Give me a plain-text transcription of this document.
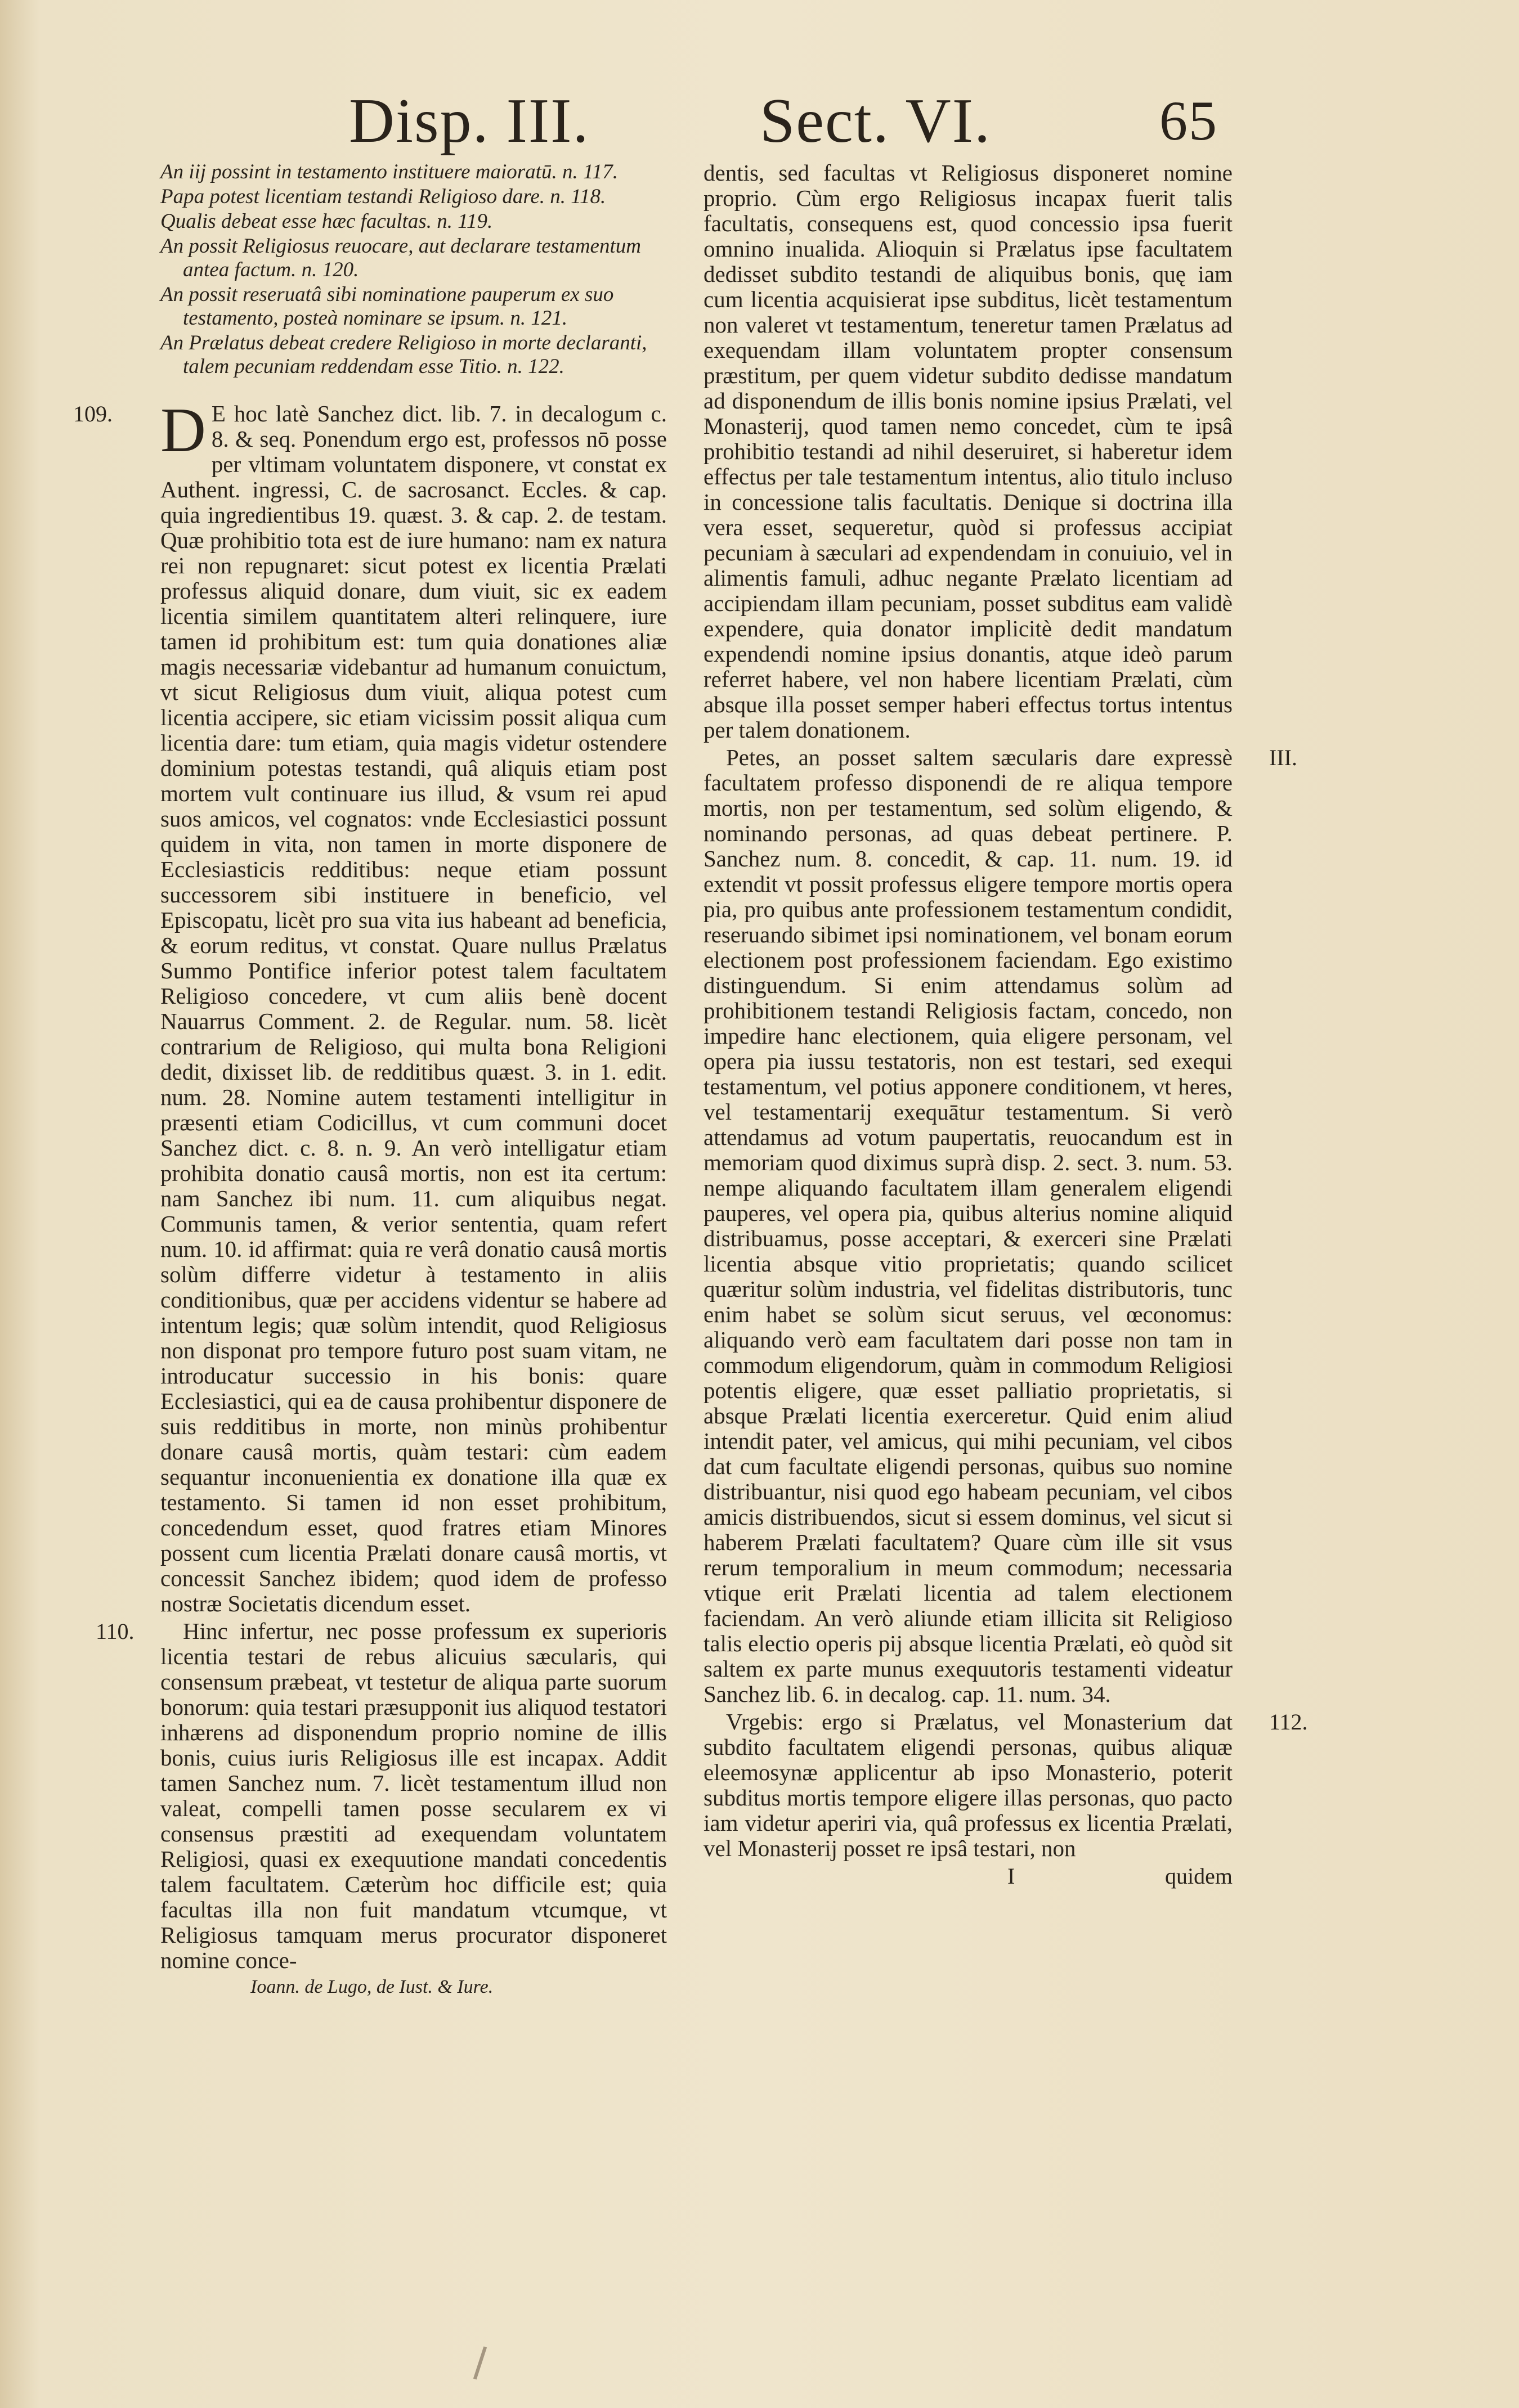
Disp. III.	Sect. VI.	65
An iij possint in testamento instituere maioratū. n. 117.
Papa potest licentiam testandi Religioso dare. n. 118.
Qualis debeat esse hæc facultas. n. 119.
An possit Religiosus reuocare, aut declarare testamentum antea factum. n. 120.
An possit reseruatâ sibi nominatione pauperum ex suo testamento, posteà nominare se ipsum. n. 121.
An Prælatus debeat credere Religioso in morte declaranti, talem pecuniam reddendam esse Titio. n. 122.
109. DE hoc latè Sanchez dict. lib. 7. in decalogum c. 8. & seq. Ponendum ergo est, professos nō posse per vltimam voluntatem disponere, vt constat ex Authent. ingressi, C. de sacrosanct. Eccles. & cap. quia ingredientibus 19. quæst. 3. & cap. 2. de testam. Quæ prohibitio tota est de iure humano: nam ex natura rei non repugnaret: sicut potest ex licentia Prælati professus aliquid donare, dum viuit, sic ex eadem licentia similem quantitatem alteri relinquere, iure tamen id prohibitum est: tum quia donationes aliæ magis necessariæ videbantur ad humanum conuictum, vt sicut Religiosus dum viuit, aliqua potest cum licentia accipere, sic etiam vicissim possit aliqua cum licentia dare: tum etiam, quia magis videtur ostendere dominium potestas testandi, quâ aliquis etiam post mortem vult continuare ius illud, & vsum rei apud suos amicos, vel cognatos: vnde Ecclesiastici possunt quidem in vita, non tamen in morte disponere de Ecclesiasticis redditibus: neque etiam possunt successorem sibi instituere in beneficio, vel Episcopatu, licèt pro sua vita ius habeant ad beneficia, & eorum reditus, vt constat. Quare nullus Prælatus Summo Pontifice inferior potest talem facultatem Religioso concedere, vt cum aliis benè docent Nauarrus Comment. 2. de Regular. num. 58. licèt contrarium de Religioso, qui multa bona Religioni dedit, dixisset lib. de redditibus quæst. 3. in 1. edit. num. 28. Nomine autem testamenti intelligitur in præsenti etiam Codicillus, vt cum communi docet Sanchez dict. c. 8. n. 9. An verò intelligatur etiam prohibita donatio causâ mortis, non est ita certum: nam Sanchez ibi num. 11. cum aliquibus negat. Communis tamen, & verior sententia, quam refert num. 10. id affirmat: quia re verâ donatio causâ mortis solùm differre videtur à testamento in aliis conditionibus, quæ per accidens videntur se habere ad intentum legis; quæ solùm intendit, quod Religiosus non disponat pro tempore futuro post suam vitam, ne introducatur successio in his bonis: quare Ecclesiastici, qui ea de causa prohibentur disponere de suis redditibus in morte, non minùs prohibentur donare causâ mortis, quàm testari: cùm eadem sequantur inconuenientia ex donatione illa quæ ex testamento. Si tamen id non esset prohibitum, concedendum esset, quod fratres etiam Minores possent cum licentia Prælati donare causâ mortis, vt concessit Sanchez ibidem; quod idem de professo nostræ Societatis dicendum esset.
110. Hinc infertur, nec posse professum ex superioris licentia testari de rebus alicuius sæcularis, qui consensum præbeat, vt testetur de aliqua parte suorum bonorum: quia testari præsupponit ius aliquod testatori inhærens ad disponendum proprio nomine de illis bonis, cuius iuris Religiosus ille est incapax. Addit tamen Sanchez num. 7. licèt testamentum illud non valeat, compelli tamen posse secularem ex vi consensus præstiti ad exequendam voluntatem Religiosi, quasi ex exequutione mandati concedentis talem facultatem. Cæterùm hoc difficile est; quia facultas illa non fuit mandatum vtcumque, vt Religiosus tamquam merus procurator disponeret nomine conce-
Ioann. de Lugo, de Iust. & Iure.
dentis, sed facultas vt Religiosus disponeret nomine proprio. Cùm ergo Religiosus incapax fuerit talis facultatis, consequens est, quod concessio ipsa fuerit omnino inualida. Alioquin si Prælatus ipse facultatem dedisset subdito testandi de aliquibus bonis, quę iam cum licentia acquisierat ipse subditus, licèt testamentum non valeret vt testamentum, teneretur tamen Prælatus ad exequendam illam voluntatem propter consensum præstitum, per quem videtur subdito dedisse mandatum ad disponendum de illis bonis nomine ipsius Prælati, vel Monasterij, quod tamen nemo concedet, cùm te ipsâ prohibitio testandi ad nihil deseruiret, si haberetur idem effectus per tale testamentum intentus, alio titulo incluso in concessione talis facultatis. Denique si doctrina illa vera esset, sequeretur, quòd si professus accipiat pecuniam à sæculari ad expendendam in conuiuio, vel in alimentis famuli, adhuc negante Prælato licentiam ad accipiendam illam pecuniam, posset subditus eam validè expendere, quia donator implicitè dedit mandatum expendendi nomine ipsius donantis, atque ideò parum referret habere, vel non habere licentiam Prælati, cùm absque illa posset semper haberi effectus tortus intentus per talem donationem.
III.
Petes, an posset saltem sæcularis dare expressè facultatem professo disponendi de re aliqua tempore mortis, non per testamentum, sed solùm eligendo, & nominando personas, ad quas debeat pertinere. P. Sanchez num. 8. concedit, & cap. 11. num. 19. id extendit vt possit professus eligere tempore mortis opera pia, pro quibus ante professionem testamentum condidit, reseruando sibimet ipsi nominationem, vel bonam eorum electionem post professionem faciendam. Ego existimo distinguendum. Si enim attendamus solùm ad prohibitionem testandi Religiosis factam, concedo, non impedire hanc electionem, quia eligere personam, vel opera pia iussu testatoris, non est testari, sed exequi testamentum, vel potius apponere conditionem, vt heres, vel testamentarij exequātur testamentum. Si verò attendamus ad votum paupertatis, reuocandum est in memoriam quod diximus suprà disp. 2. sect. 3. num. 53. nempe aliquando facultatem illam generalem eligendi pauperes, vel opera pia, quibus alterius nomine aliquid distribuamus, posse acceptari, & exerceri sine Prælati licentia absque vitio proprietatis; quando scilicet quæritur solùm industria, vel fidelitas distributoris, tunc enim habet se solùm sicut seruus, vel œconomus: aliquando verò eam facultatem dari posse non tam in commodum eligendorum, quàm in commodum Religiosi potentis eligere, quæ esset palliatio proprietatis, si absque Prælati licentia exerceretur. Quid enim aliud intendit pater, vel amicus, qui mihi pecuniam, vel cibos dat cum facultate eligendi personas, quibus suo nomine distribuantur, nisi quod ego habeam pecuniam, vel cibos amicis distribuendos, sicut si essem dominus, vel sicut si haberem Prælati facultatem? Quare cùm ille sit vsus rerum temporalium in meum commodum; necessaria vtique erit Prælati licentia ad talem electionem faciendam. An verò aliunde etiam illicita sit Religioso talis electio operis pij absque licentia Prælati, eò quòd sit saltem ex parte munus exequutoris testamenti videatur Sanchez lib. 6. in decalog. cap. 11. num. 34.
112.
Vrgebis: ergo si Prælatus, vel Monasterium dat subdito facultatem eligendi personas, quibus aliquæ eleemosynæ applicentur ab ipso Monasterio, poterit subditus mortis tempore eligere illas personas, quo pacto iam videtur aperiri via, quâ professus ex licentia Prælati, vel Monasterij posset re ipsâ testari, non
I	quidem
